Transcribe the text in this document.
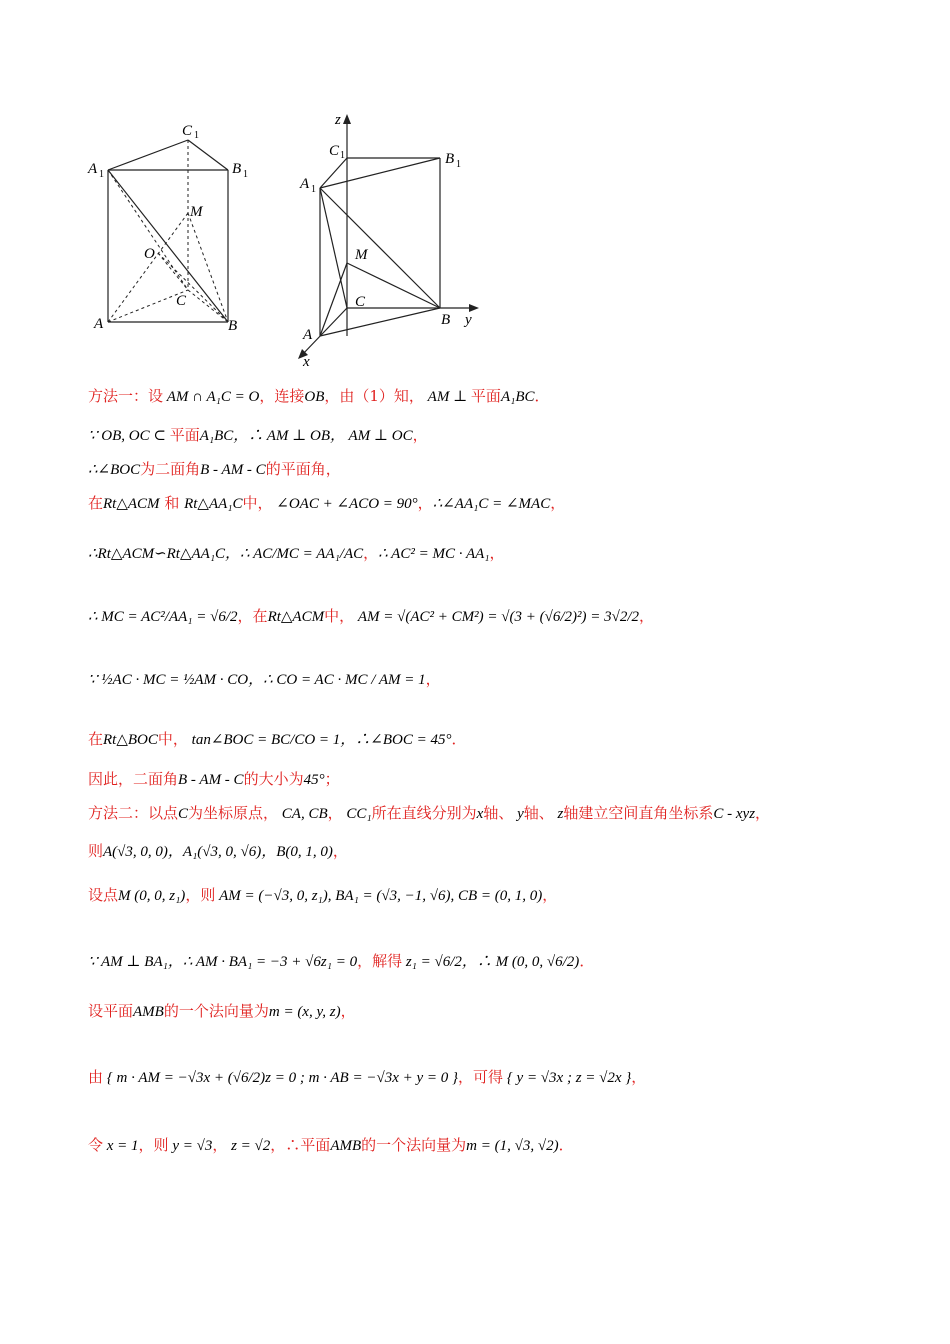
C 1
B 1
A 1
M
O
C
A	B
z
C 1	B 1
A 1
M
C
A
B y
x
方法一：设 AM ∩ A₁C = O，连接OB，由（1）知， AM ⊥ 平面A₁BC．
∵ OB, OC ⊂ 平面A₁BC，∴ AM ⊥ OB， AM ⊥ OC，
∴∠BOC为二面角B - AM - C的平面角，
在Rt△ACM 和 Rt△AA₁C中， ∠OAC + ∠ACO = 90°，∴∠AA₁C = ∠MAC，
∴Rt△ACM∽Rt△AA₁C，∴ AC/MC = AA₁/AC，∴ AC² = MC · AA₁，
∴ MC = AC²/AA₁ = √6/2，在Rt△ACM中， AM = √(AC² + CM²) = √(3 + (√6/2)²) = 3√2/2，
∵ ½AC · MC = ½AM · CO，∴ CO = AC · MC / AM = 1，
在Rt△BOC中， tan∠BOC = BC/CO = 1，∴∠BOC = 45°．
因此，二面角B - AM - C的大小为45°；
方法二：以点C为坐标原点， CA, CB， CC₁所在直线分别为x轴、 y轴、 z轴建立空间直角坐标系C - xyz，
则A(√3, 0, 0)，A₁(√3, 0, √6)，B(0, 1, 0)，
设点M (0, 0, z₁)，则 AM = (−√3, 0, z₁), BA₁ = (√3, −1, √6), CB = (0, 1, 0)，
∵ AM ⊥ BA₁，∴ AM · BA₁ = −3 + √6z₁ = 0，解得 z₁ = √6/2，∴ M (0, 0, √6/2)．
设平面AMB的一个法向量为m = (x, y, z)，
由 { m · AM = −√3x + (√6/2)z = 0 ; m · AB = −√3x + y = 0 }，可得 { y = √3x ; z = √2x }，
令 x = 1，则 y = √3， z = √2，∴平面AMB的一个法向量为m = (1, √3, √2)．
